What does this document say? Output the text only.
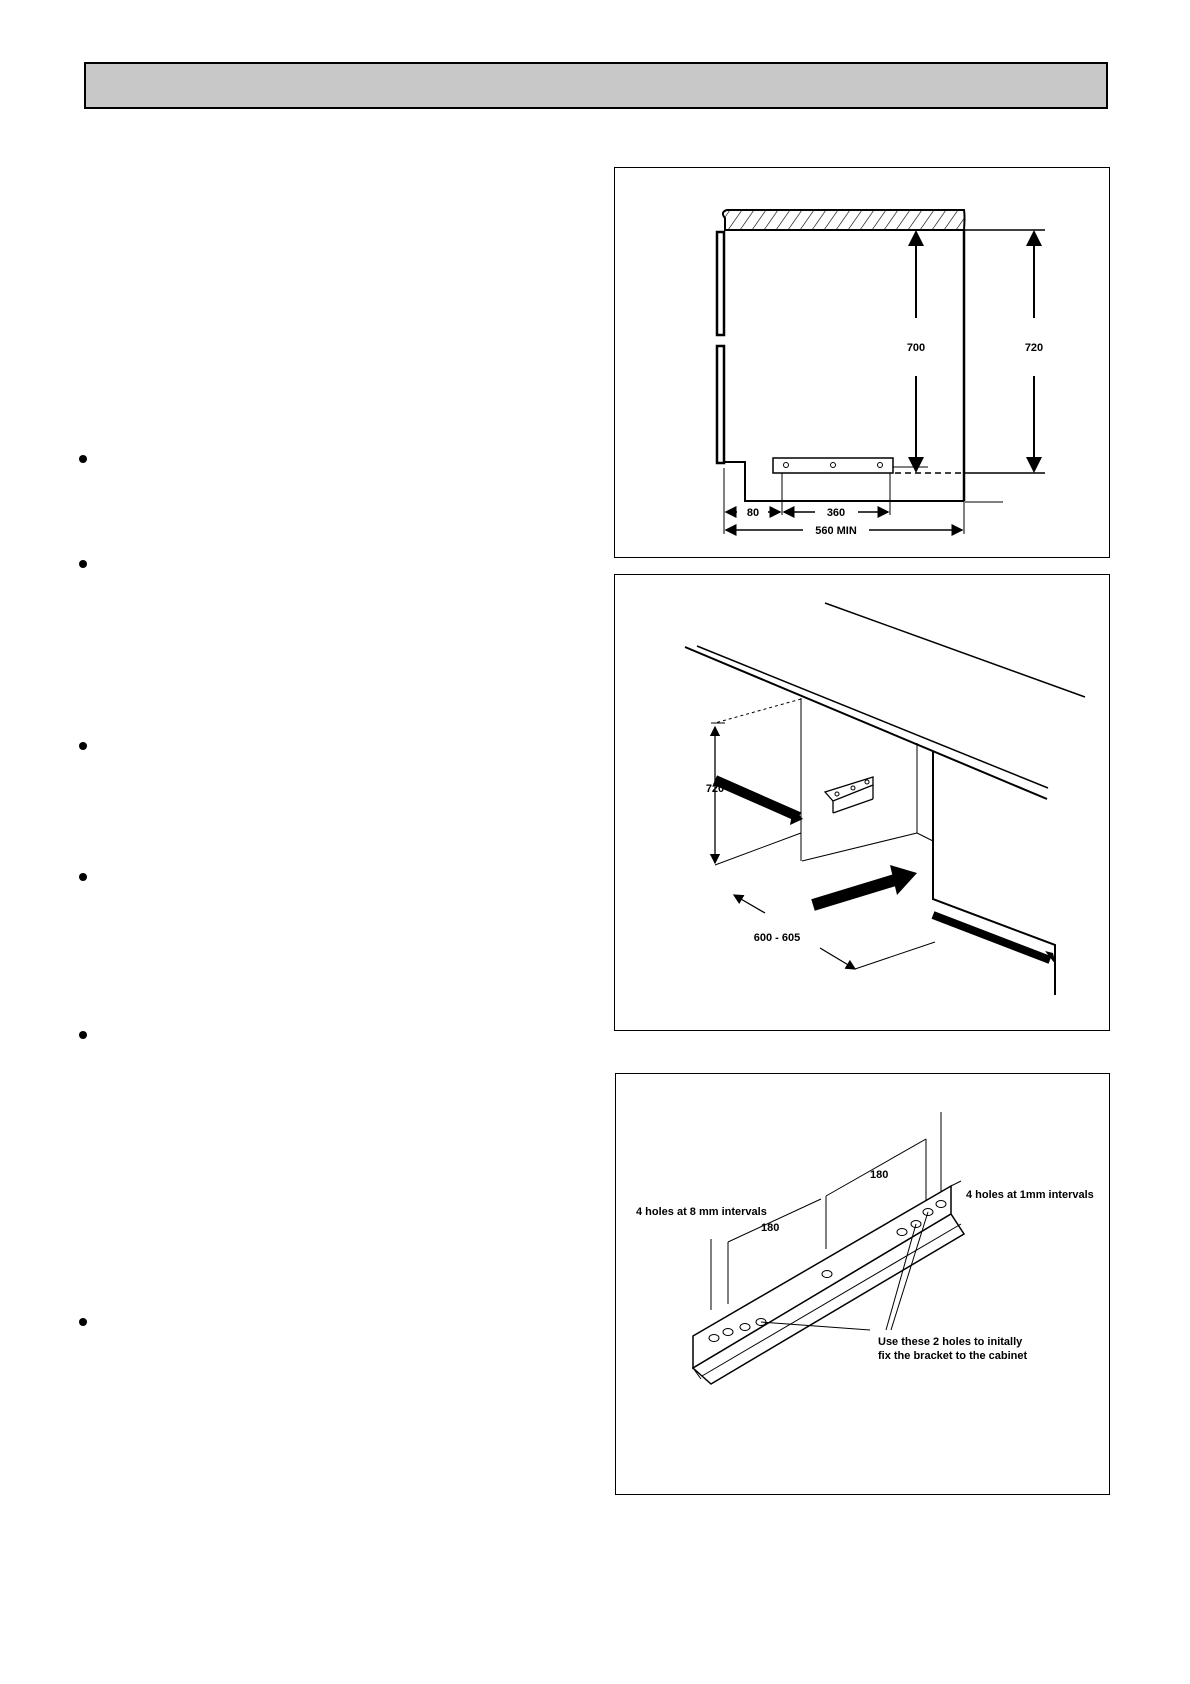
700	720
80	360
560 MIN
720
600 - 605
180
180
4 holes at 8 mm intervals
4 holes at 1mm intervals
Use these 2 holes to initally
fix the bracket to the cabinet
